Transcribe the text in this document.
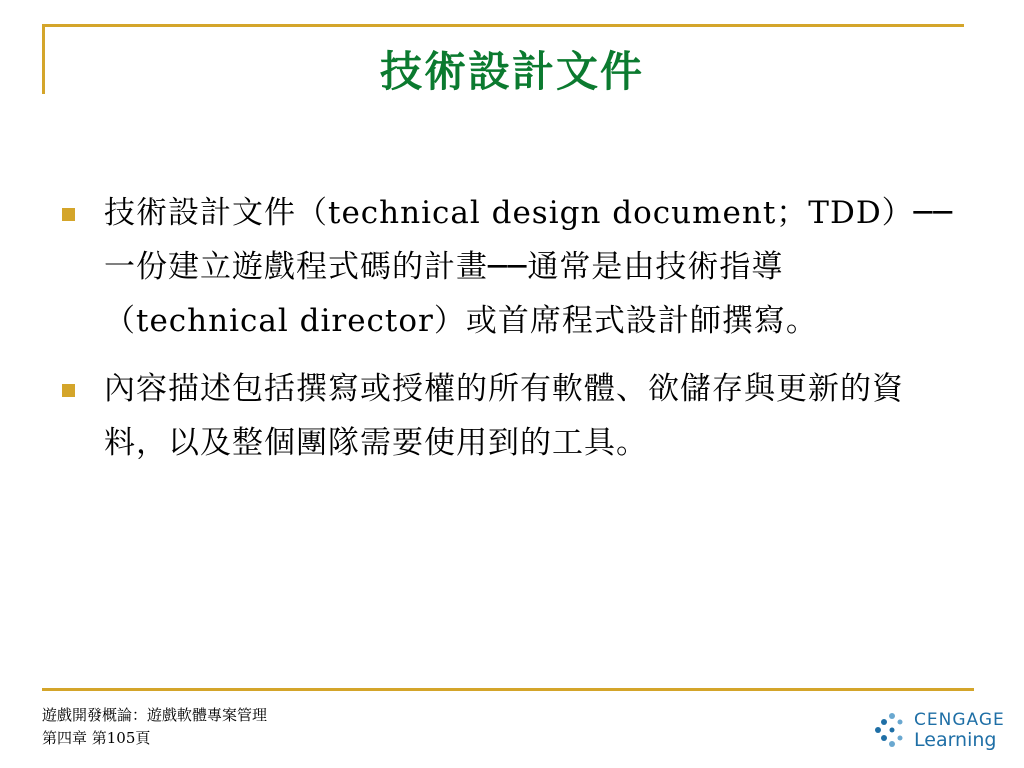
技術設計文件
技術設計文件（technical design document；TDD）──一份建立遊戲程式碼的計畫──通常是由技術指導（technical director）或首席程式設計師撰寫。
內容描述包括撰寫或授權的所有軟體、欲儲存與更新的資料，以及整個團隊需要使用到的工具。
遊戲開發概論：遊戲軟體專案管理
第四章 第105頁
CENGAGE
Learning
